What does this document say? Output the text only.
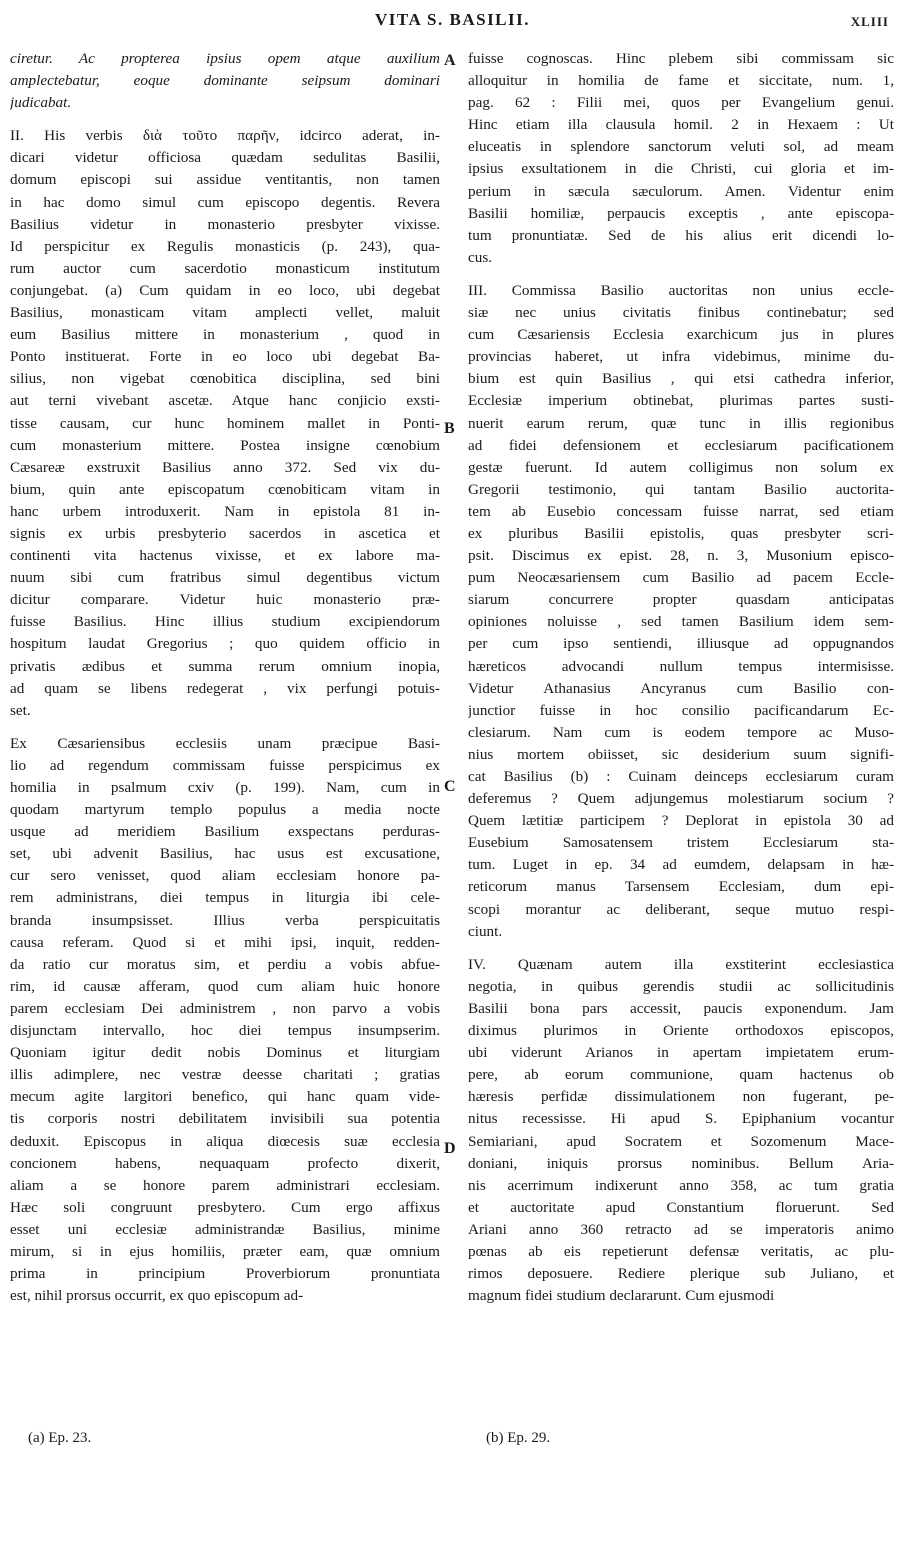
VITA S. BASILII.	XLIII
ciretur. Ac propterea ipsius opem atque auxilium
amplectebatur, eoque dominante seipsum dominari
judicabat.
II. His verbis διὰ τοῦτο παρῆν, idcirco aderat, in-
dicari videtur officiosa quædam sedulitas Basilii,
domum episcopi sui assidue ventitantis, non tamen
in hac domo simul cum episcopo degentis. Revera
Basilius videtur in monasterio presbyter vixisse.
Id perspicitur ex Regulis monasticis (p. 243), qua-
rum auctor cum sacerdotio monasticum institutum
conjungebat. (a) Cum quidam in eo loco, ubi degebat
Basilius, monasticam vitam amplecti vellet, maluit
eum Basilius mittere in monasterium , quod in
Ponto instituerat. Forte in eo loco ubi degebat Ba-
silius, non vigebat cœnobitica disciplina, sed bini
aut terni vivebant ascetæ. Atque hanc conjicio exsti-
tisse causam, cur hunc hominem mallet in Ponti-
cum monasterium mittere. Postea insigne cœnobium
Cæsareæ exstruxit Basilius anno 372. Sed vix du-
bium, quin ante episcopatum cœnobiticam vitam in
hanc urbem introduxerit. Nam in epistola 81 in-
signis ex urbis presbyterio sacerdos in ascetica et
continenti vita hactenus vixisse, et ex labore ma-
nuum sibi cum fratribus simul degentibus victum
dicitur comparare. Videtur huic monasterio præ-
fuisse Basilius. Hinc illius studium excipiendorum
hospitum laudat Gregorius ; quo quidem officio in
privatis ædibus et summa rerum omnium inopia,
ad quam se libens redegerat , vix perfungi potuis-
set.
Ex Cæsariensibus ecclesiis unam præcipue Basi-
lio ad regendum commissam fuisse perspicimus ex
homilia in psalmum cxiv (p. 199). Nam, cum in
quodam martyrum templo populus a media nocte
usque ad meridiem Basilium exspectans perduras-
set, ubi advenit Basilius, hac usus est excusatione,
cur sero venisset, quod aliam ecclesiam honore pa-
rem administrans, diei tempus in liturgia ibi cele-
branda insumpsisset. Illius verba perspicuitatis
causa referam. Quod si et mihi ipsi, inquit, redden-
da ratio cur moratus sim, et perdiu a vobis abfue-
rim, id causæ afferam, quod cum aliam huic honore
parem ecclesiam Dei administrem , non parvo a vobis
disjunctam intervallo, hoc diei tempus insumpserim.
Quoniam igitur dedit nobis Dominus et liturgiam
illis adimplere, nec vestræ deesse charitati ; gratias
mecum agite largitori benefico, qui hanc quam vide-
tis corporis nostri debilitatem invisibili sua potentia
deduxit. Episcopus in aliqua diœcesis suæ ecclesia
concionem habens, nequaquam profecto dixerit,
aliam a se honore parem administrari ecclesiam.
Hæc soli congruunt presbytero. Cum ergo affixus
esset uni ecclesiæ administrandæ Basilius, minime
mirum, si in ejus homiliis, præter eam, quæ omnium
prima in principium Proverbiorum pronuntiata
est, nihil prorsus occurrit, ex quo episcopum ad-
fuisse cognoscas. Hinc plebem sibi commissam sic
alloquitur in homilia de fame et siccitate, num. 1,
pag. 62 : Filii mei, quos per Evangelium genui.
Hinc etiam illa clausula homil. 2 in Hexaem : Ut
eluceatis in splendore sanctorum veluti sol, ad meam
ipsius exsultationem in die Christi, cui gloria et im-
perium in sæcula sæculorum. Amen. Videntur enim
Basilii homiliæ, perpaucis exceptis , ante episcopa-
tum pronuntiatæ. Sed de his alius erit dicendi lo-
cus.
III. Commissa Basilio auctoritas non unius eccle-
siæ nec unius civitatis finibus continebatur; sed
cum Cæsariensis Ecclesia exarchicum jus in plures
provincias haberet, ut infra videbimus, minime du-
bium est quin Basilius , qui etsi cathedra inferior,
Ecclesiæ imperium obtinebat, plurimas partes susti-
nuerit earum rerum, quæ tunc in illis regionibus
ad fidei defensionem et ecclesiarum pacificationem
gestæ fuerunt. Id autem colligimus non solum ex
Gregorii testimonio, qui tantam Basilio auctorita-
tem ab Eusebio concessam fuisse narrat, sed etiam
ex pluribus Basilii epistolis, quas presbyter scri-
psit. Discimus ex epist. 28, n. 3, Musonium episco-
pum Neocæsariensem cum Basilio ad pacem Eccle-
siarum concurrere propter quasdam anticipatas
opiniones noluisse , sed tamen Basilium idem sem-
per cum ipso sentiendi, illiusque ad oppugnandos
hæreticos advocandi nullum tempus intermisisse.
Videtur Athanasius Ancyranus cum Basilio con-
junctior fuisse in hoc consilio pacificandarum Ec-
clesiarum. Nam cum is eodem tempore ac Muso-
nius mortem obiisset, sic desiderium suum signifi-
cat Basilius (b) : Cuinam deinceps ecclesiarum curam
deferemus ? Quem adjungemus molestiarum socium ?
Quem lætitiæ participem ? Deplorat in epistola 30 ad
Eusebium Samosatensem tristem Ecclesiarum sta-
tum. Luget in ep. 34 ad eumdem, delapsam in hæ-
reticorum manus Tarsensem Ecclesiam, dum epi-
scopi morantur ac deliberant, seque mutuo respi-
ciunt.
IV. Quænam autem illa exstiterint ecclesiastica
negotia, in quibus gerendis studii ac sollicitudinis
Basilii bona pars accessit, paucis exponendum. Jam
diximus plurimos in Oriente orthodoxos episcopos,
ubi viderunt Arianos in apertam impietatem erum-
pere, ab eorum communione, quam hactenus ob
hæresis perfidæ dissimulationem non fugerant, pe-
nitus recessisse. Hi apud S. Epiphanium vocantur
Semiariani, apud Socratem et Sozomenum Mace-
doniani, iniquis prorsus nominibus. Bellum Aria-
nis acerrimum indixerunt anno 358, ac tum gratia
et auctoritate apud Constantium floruerunt. Sed
Ariani anno 360 retracto ad se imperatoris animo
pœnas ab eis repetierunt defensæ veritatis, ac plu-
rimos deposuere. Rediere plerique sub Juliano, et
magnum fidei studium declararunt. Cum ejusmodi
A
B
C
D
(a) Ep. 23.	(b) Ep. 29.
